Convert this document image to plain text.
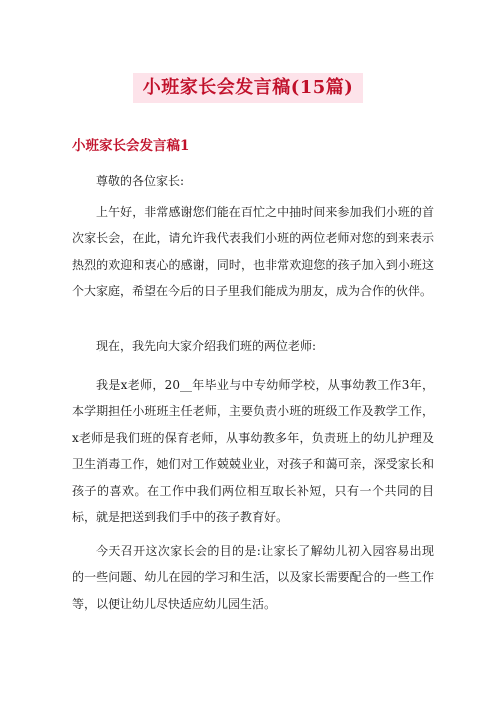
小班家长会发言稿(15篇)
小班家长会发言稿1

尊敬的各位家长:

上午好，非常感谢您们能在百忙之中抽时间来参加我们小班的首次家长会，在此，请允许我代表我们小班的两位老师对您的到来表示热烈的欢迎和衷心的感谢，同时，也非常欢迎您的孩子加入到小班这个大家庭，希望在今后的日子里我们能成为朋友，成为合作的伙伴。

现在，我先向大家介绍我们班的两位老师:

我是x老师，20__年毕业与中专幼师学校，从事幼教工作3年，本学期担任小班班主任老师，主要负责小班的班级工作及教学工作，x老师是我们班的保育老师，从事幼教多年，负责班上的幼儿护理及卫生消毒工作，她们对工作兢兢业业，对孩子和蔼可亲，深受家长和孩子的喜欢。在工作中我们两位相互取长补短，只有一个共同的目标，就是把送到我们手中的孩子教育好。

今天召开这次家长会的目的是:让家长了解幼儿初入园容易出现的一些问题、幼儿在园的学习和生活，以及家长需要配合的一些工作等，以便让幼儿尽快适应幼儿园生活。
